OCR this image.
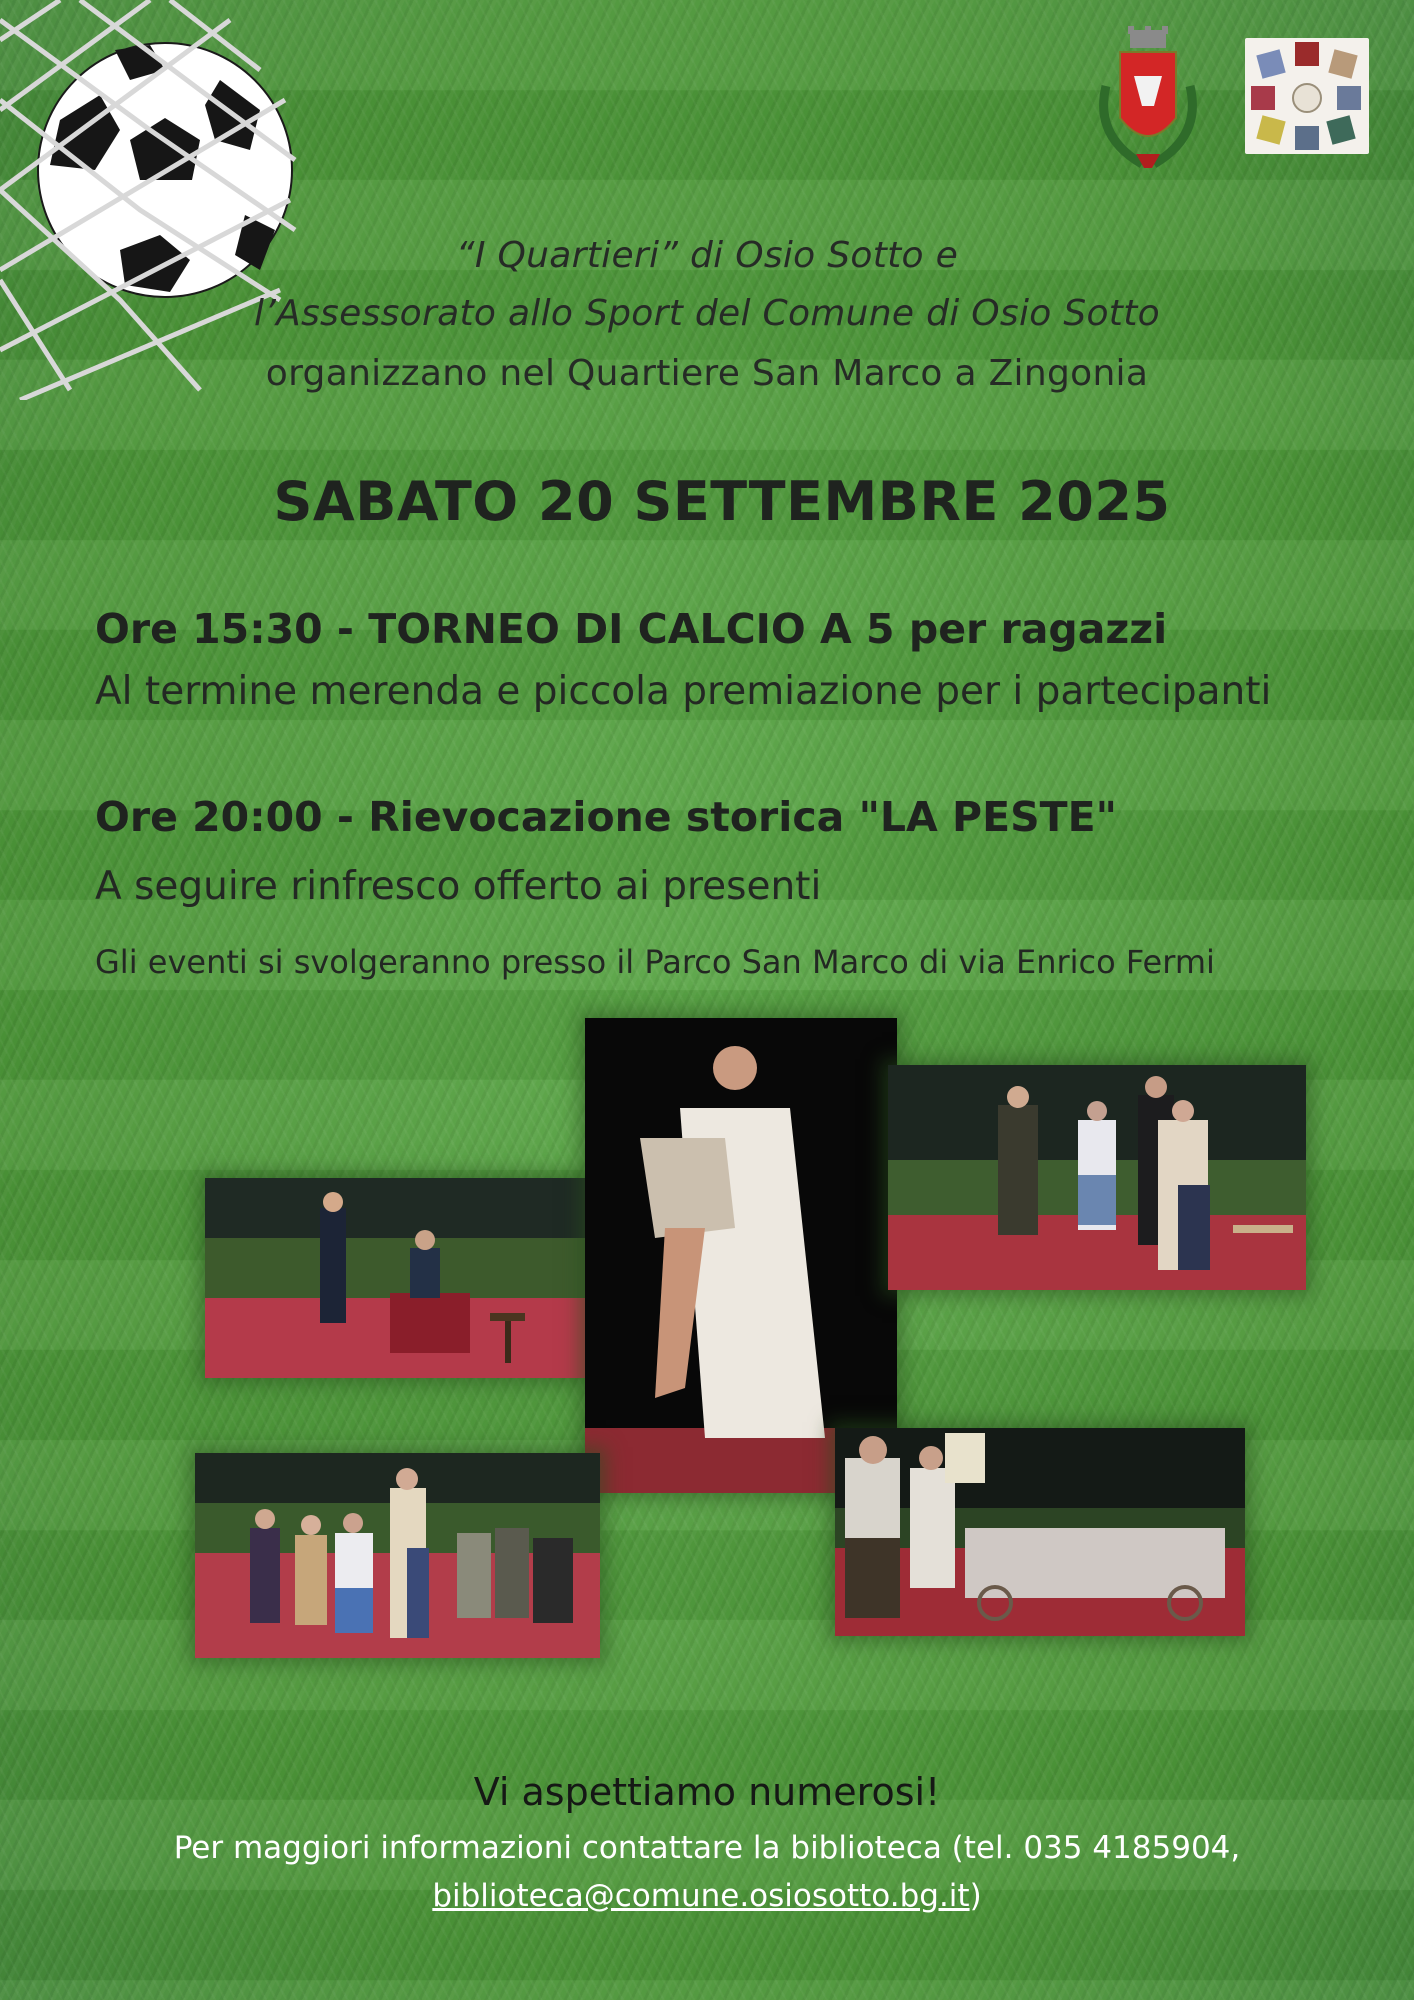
“I Quartieri” di Osio Sotto e
l’Assessorato allo Sport del Comune di Osio Sotto
organizzano nel Quartiere San Marco a Zingonia
SABATO 20 SETTEMBRE 2025
Ore 15:30 - TORNEO DI CALCIO A 5 per ragazzi
Al termine merenda e piccola premiazione per i partecipanti
Ore 20:00 - Rievocazione storica "LA PESTE"
A seguire rinfresco offerto ai presenti
Gli eventi si svolgeranno presso il Parco San Marco di via Enrico Fermi
Vi aspettiamo numerosi!
Per maggiori informazioni contattare la biblioteca (tel. 035 4185904,
biblioteca@comune.osiosotto.bg.it)
